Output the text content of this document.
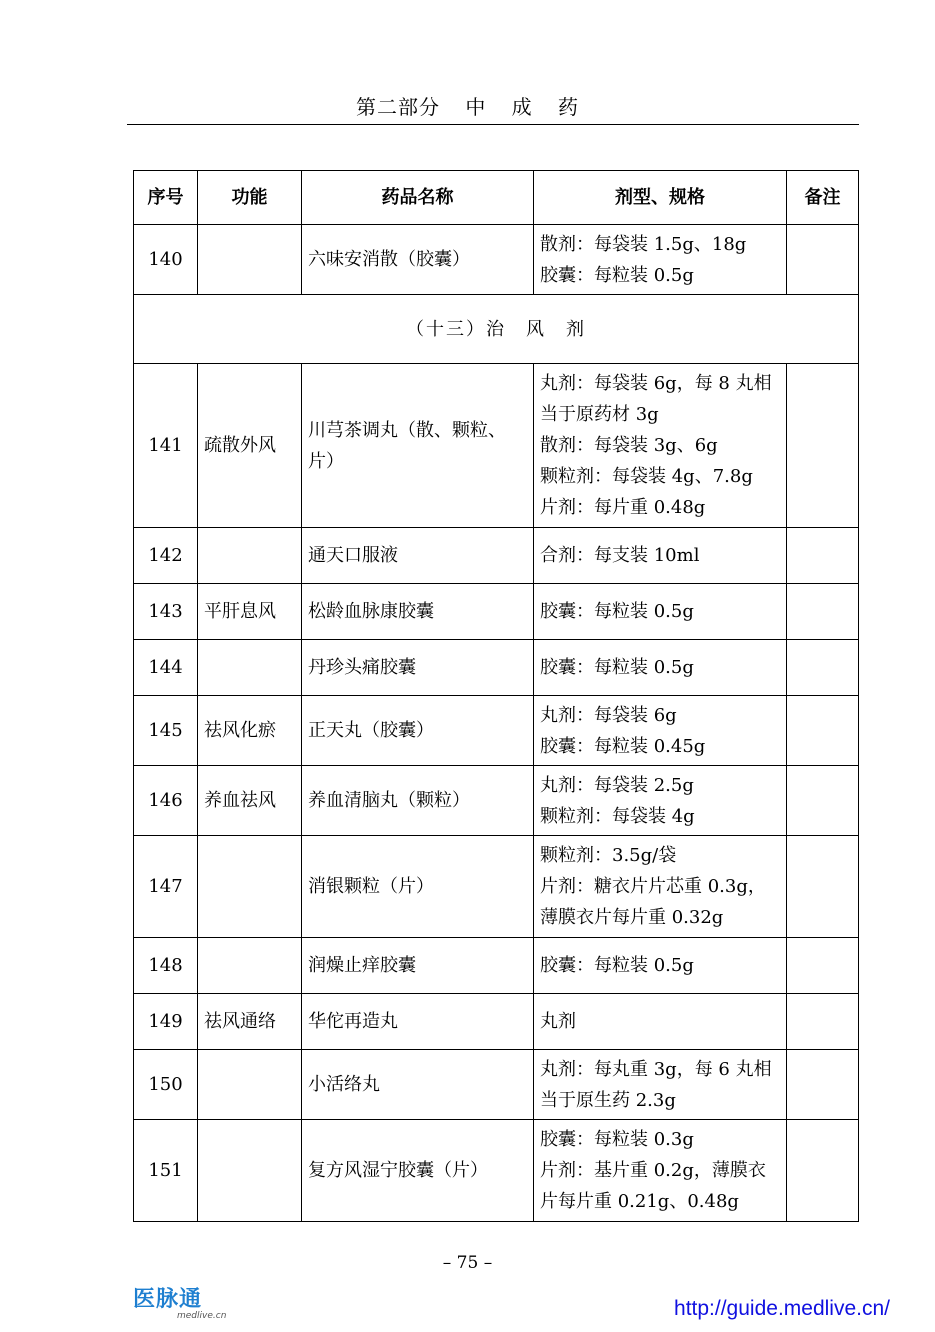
第二部分 中 成 药
序号	功能	药品名称	剂型、规格	备注
140		六味安消散（胶囊）	散剂：每袋装 1.5g、18g
胶囊：每粒装 0.5g	

（十三）治　风　剂				
141	疏散外风	川芎茶调丸（散、颗粒、片）	丸剂：每袋装 6g，每 8 丸相当于原药材 3g
散剂：每袋装 3g、6g
颗粒剂：每袋装 4g、7.8g
片剂：每片重 0.48g	

142		通天口服液	合剂：每支装 10ml	

143	平肝息风	松龄血脉康胶囊	胶囊：每粒装 0.5g	

144		丹珍头痛胶囊	胶囊：每粒装 0.5g	

145	祛风化瘀	正天丸（胶囊）	丸剂：每袋装 6g
胶囊：每粒装 0.45g	

146	养血祛风	养血清脑丸（颗粒）	丸剂：每袋装 2.5g
颗粒剂：每袋装 4g	

147		消银颗粒（片）	颗粒剂：3.5g/袋
片剂：糖衣片片芯重 0.3g，薄膜衣片每片重 0.32g	

148		润燥止痒胶囊	胶囊：每粒装 0.5g	

149	祛风通络	华佗再造丸	丸剂	

150		小活络丸	丸剂：每丸重 3g，每 6 丸相当于原生药 2.3g	

151		复方风湿宁胶囊（片）	胶囊：每粒装 0.3g
片剂：基片重 0.2g，薄膜衣片每片重 0.21g、0.48g	

– 75 –
医脉通
medlive.cn	http://guide.medlive.cn/
